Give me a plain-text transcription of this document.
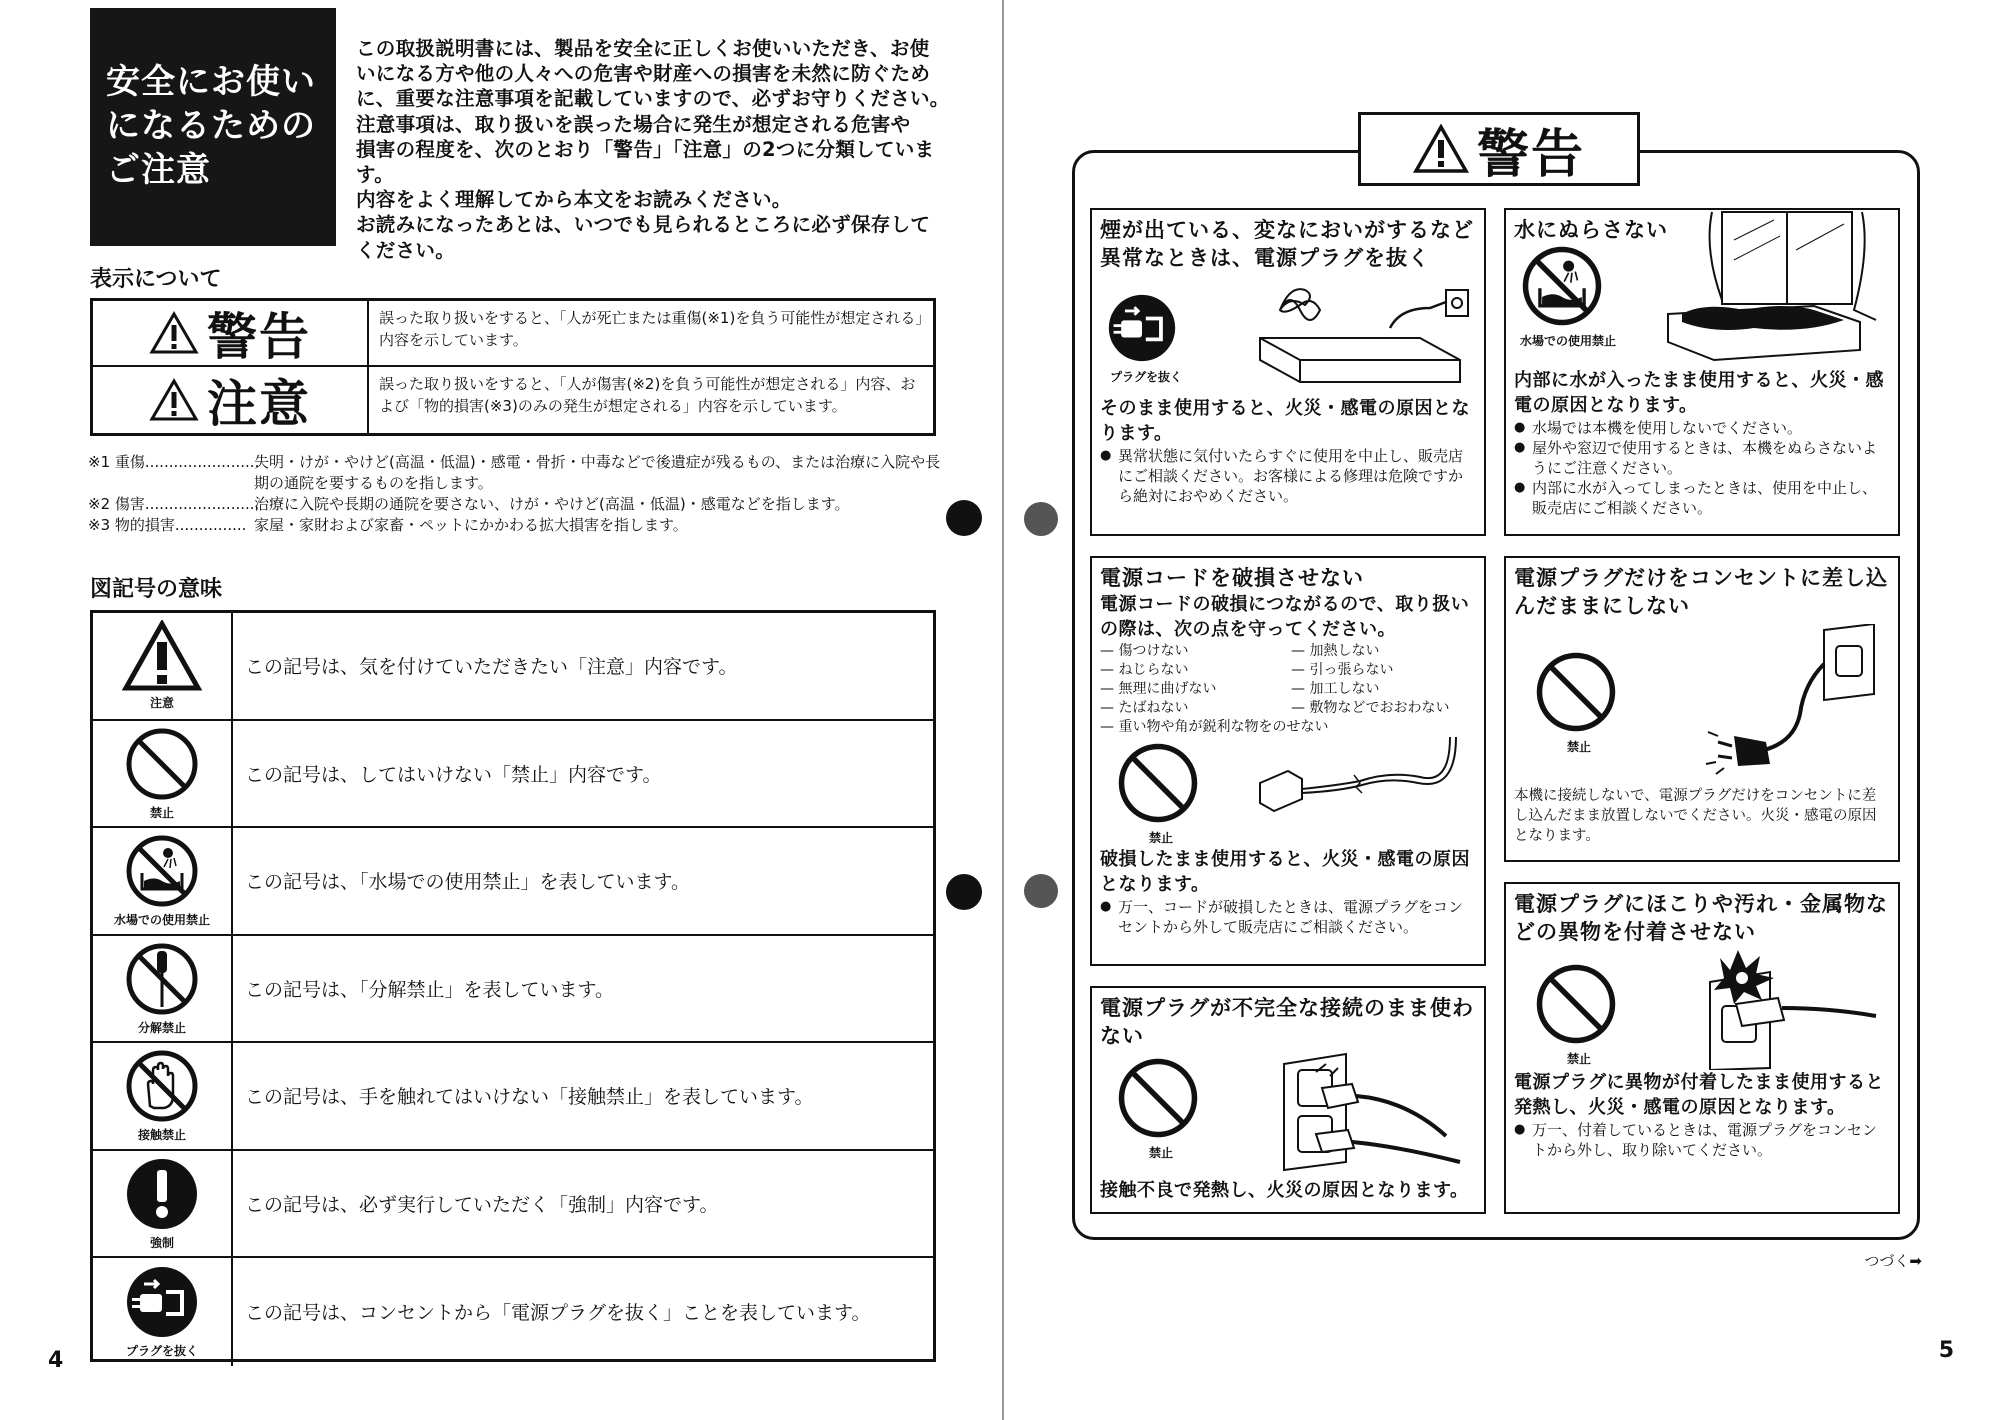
安全にお使い
になるための
ご注意

この取扱説明書には、製品を安全に正しくお使いいただき、お使

いになる方や他の人々への危害や財産への損害を未然に防ぐため

に、重要な注意事項を記載していますので、必ずお守りください。

注意事項は、取り扱いを誤った場合に発生が想定される危害や

損害の程度を、次のとおり「警告」「注意」の2つに分類しています。

内容をよく理解してから本文をお読みください。

お読みになったあとは、いつでも見られるところに必ず保存して

ください。

表示について
警告	誤った取り扱いをすると、「人が死亡または重傷(※1)を負う可能性が想定される」内容を示しています。
注意	誤った取り扱いをすると、「人が傷害(※2)を負う可能性が想定される」内容、および「物的損害(※3)のみの発生が想定される」内容を示しています。
※1 重傷........................
失明・けが・やけど(高温・低温)・感電・骨折・中毒などで後遺症が残るもの、または治療に入院や長期の通院を要するものを指します。
※2 傷害........................
治療に入院や長期の通院を要さない、けが・やけど(高温・低温)・感電などを指します。
※3 物的損害............... 家屋・家財および家畜・ペットにかかわる拡大損害を指します。
図記号の意味
注意
この記号は、気を付けていただきたい「注意」内容です。
禁止
この記号は、してはいけない「禁止」内容です。
水場での使用禁止
この記号は、「水場での使用禁止」を表しています。
分解禁止
この記号は、「分解禁止」を表しています。
接触禁止
この記号は、手を触れてはいけない「接触禁止」を表しています。
強制
この記号は、必ず実行していただく「強制」内容です。
プラグを抜く
この記号は、コンセントから「電源プラグを抜く」ことを表しています。
4
警告
煙が出ている、変なにおいがするなど異常なときは、電源プラグを抜く
プラグを抜く
そのまま使用すると、火災・感電の原因となります。
● 異常状態に気付いたらすぐに使用を中止し、販売店にご相談ください。お客様による修理は危険ですから絶対におやめください。
水にぬらさない
水場での使用禁止
内部に水が入ったまま使用すると、火災・感電の原因となります。
● 水場では本機を使用しないでください。
● 屋外や窓辺で使用するときは、本機をぬらさないようにご注意ください。
● 内部に水が入ってしまったときは、使用を中止し、販売店にご相談ください。
電源コードを破損させない
電源コードの破損につながるので、取り扱いの際は、次の点を守ってください。
— 傷つけない	— 加熱しない
— ねじらない	— 引っ張らない
— 無理に曲げない	— 加工しない
— たばねない	— 敷物などでおおわない
— 重い物や角が鋭利な物をのせない
禁止
破損したまま使用すると、火災・感電の原因となります。
● 万一、コードが破損したときは、電源プラグをコンセントから外して販売店にご相談ください。
電源プラグだけをコンセントに差し込んだままにしない
禁止
本機に接続しないで、電源プラグだけをコンセントに差し込んだまま放置しないでください。火災・感電の原因となります。
電源プラグが不完全な接続のまま使わない
禁止
接触不良で発熱し、火災の原因となります。
電源プラグにほこりや汚れ・金属物などの異物を付着させない
禁止
電源プラグに異物が付着したまま使用すると発熱し、火災・感電の原因となります。
● 万一、付着しているときは、電源プラグをコンセントから外し、取り除いてください。
つづく➡
5
